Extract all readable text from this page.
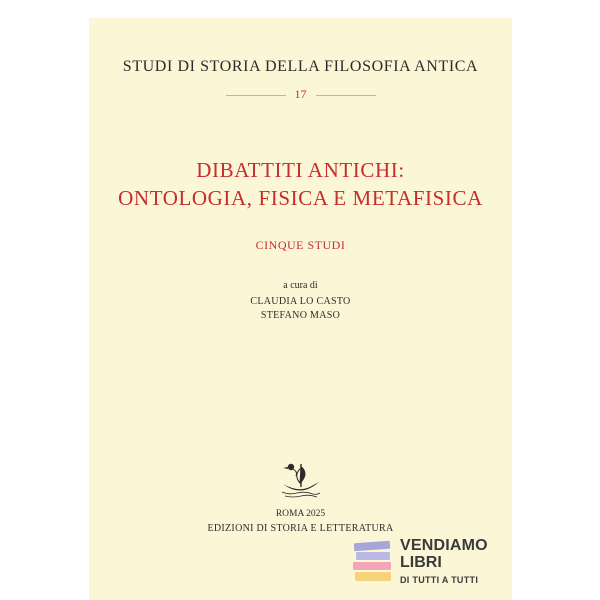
STUDI DI STORIA DELLA FILOSOFIA ANTICA
17
DIBATTITI ANTICHI:
ONTOLOGIA, FISICA E METAFISICA
CINQUE STUDI
a cura di
CLAUDIA LO CASTO
STEFANO MASO
ROMA 2025
EDIZIONI DI STORIA E LETTERATURA
VENDIAMO
LIBRI
DI TUTTI A TUTTI
